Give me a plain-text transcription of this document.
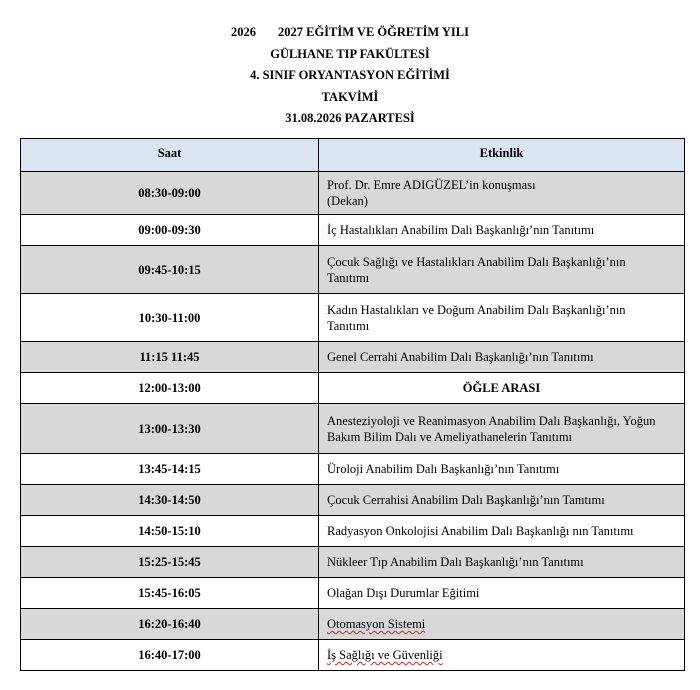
2026 2027 EĞİTİM VE ÖĞRETİM YILI
GÜLHANE TIP FAKÜLTESİ
4. SINIF ORYANTASYON EĞİTİMİ
TAKVİMİ
31.08.2026 PAZARTESİ
Saat	Etkinlik
08:30-09:00	Prof. Dr. Emre ADIGÜZEL’in konuşması
(Dekan)

09:00-09:30	İç Hastalıkları Anabilim Dalı Başkanlığı’nın Tanıtımı

09:45-10:15	Çocuk Sağlığı ve Hastalıkları Anabilim Dalı Başkanlığı’nın
Tanıtımı

10:30-11:00	Kadın Hastalıkları ve Doğum Anabilim Dalı Başkanlığı’nın
Tanıtımı

11:15 11:45	Genel Cerrahi Anabilim Dalı Başkanlığı’nın Tanıtımı

12:00-13:00	ÖĞLE ARASI

13:00-13:30	Anesteziyoloji ve Reanimasyon Anabilim Dalı Başkanlığı, Yoğun
Bakım Bilim Dalı ve Ameliyathanelerin Tanıtımı

13:45-14:15	Üroloji Anabilim Dalı Başkanlığı’nın Tanıtımı

14:30-14:50	Çocuk Cerrahisi Anabilim Dalı Başkanlığı’nın Tanıtımı

14:50-15:10	Radyasyon Onkolojisi Anabilim Dalı Başkanlığı nın Tanıtımı

15:25-15:45	Nükleer Tıp Anabilim Dalı Başkanlığı’nın Tanıtımı

15:45-16:05	Olağan Dışı Durumlar Eğitimi

16:20-16:40	Otomasyon Sistemi
16:40-17:00	İş Sağlığı ve Güvenliği
